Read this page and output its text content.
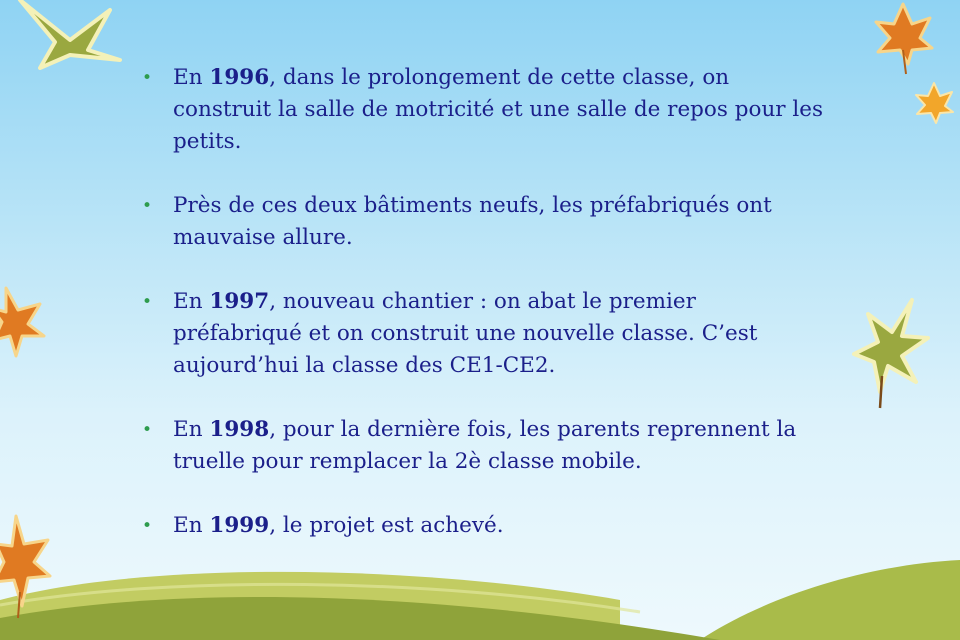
• En 1996, dans le prolongement de cette classe, on construit la salle de motricité et une salle de repos pour les petits.
• Près de ces deux bâtiments neufs, les préfabriqués ont mauvaise allure.
• En 1997, nouveau chantier : on abat le premier préfabriqué et on construit une nouvelle classe. C’est aujourd’hui la classe des CE1-CE2.
• En 1998, pour la dernière fois, les parents reprennent la truelle pour remplacer la 2è classe mobile.
• En 1999, le projet est achevé.
